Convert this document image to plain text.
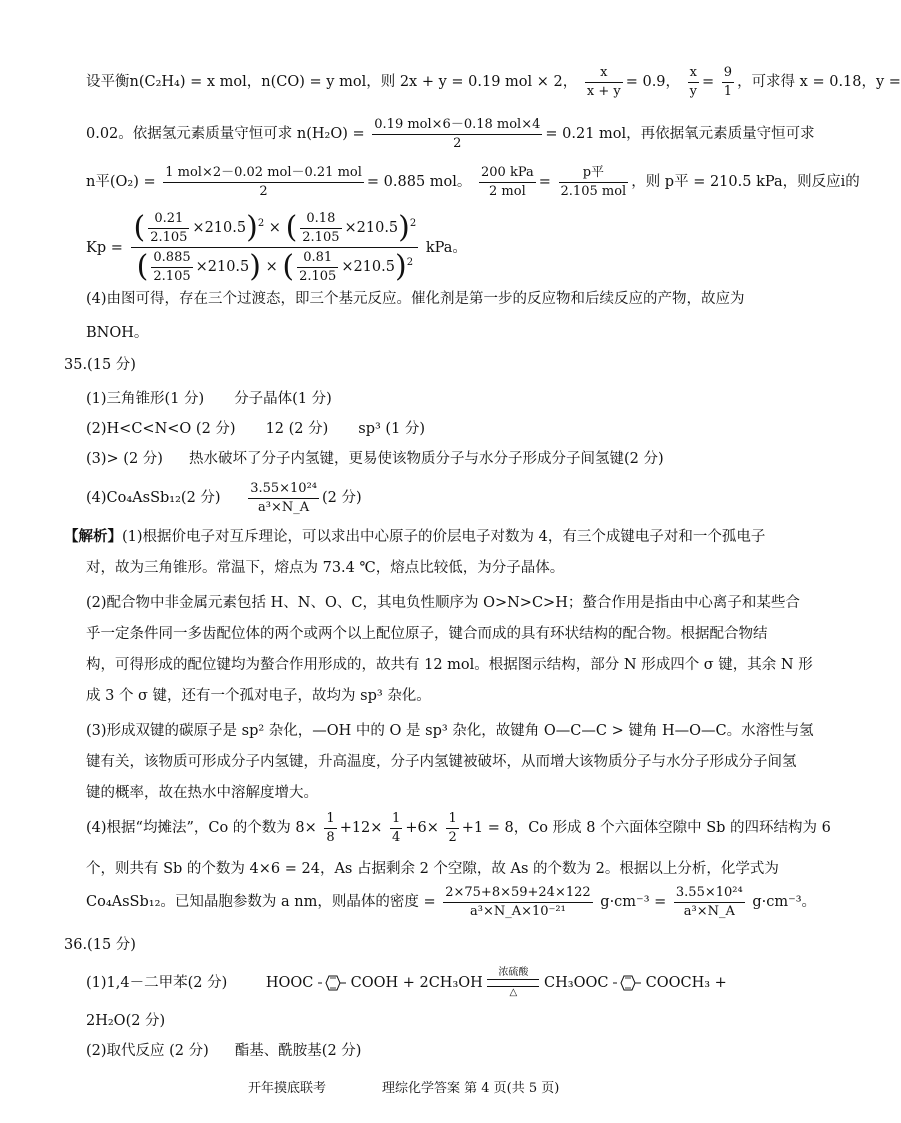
设平衡n(C₂H₄) = x mol，n(CO) = y mol，则 2x + y = 0.19 mol × 2， $\frac{x}{x + y} = 0.9$， $\frac{x}{y} = \frac{9}{1}$ ，可求得 x = 0.18，y =
0.02。依据氢元素质量守恒可求 $n(H_2O) = \frac{\text{0.19 mol×6－0.18 mol×4}}{2} = 0.21$ mol，再依据氧元素质量守恒可求
n平$(O_2) = \frac{\text{1 mol×2－0.02 mol－0.21 mol}}{2} = 0.885$ mol。 $\frac{\text{200 kPa}}{\text{2 mol}} = \frac{\text{p平}}{\text{2.105 mol}}$ ，则 p平 = 210.5 kPa，则反应ⅰ的
$Kp = \frac{( \frac{0.21}{2.105} \times 210.5)^2 \times ( \frac{0.18}{2.105} \times 210.5)^2}{( \frac{0.885}{2.105} \times 210.5) \times ( \frac{0.81}{2.105} \times 210.5)^2}$ kPa。
(4)由图可得，存在三个过渡态，即三个基元反应。催化剂是第一步的反应物和后续反应的产物，故应为
BNOH。
35.(15 分)
(1)三角锥形(1 分) 分子晶体(1 分)
(2)H<C<N<O (2 分) 12 (2 分) sp³ (1 分)
(3)> (2 分) 热水破坏了分子内氢键，更易使该物质分子与水分子形成分子间氢键(2 分)
(4)Co₄AsSb₁₂(2 分) $\frac{\text{3.55×10²⁴}}{\text{a³×N\_A}} (2$ 分)
【解析】(1)根据价电子对互斥理论，可以求出中心原子的价层电子对数为 4，有三个成键电子对和一个孤电子
对，故为三角锥形。常温下，熔点为 73.4 ℃，熔点比较低，为分子晶体。
(2)配合物中非金属元素包括 H、N、O、C，其电负性顺序为 O>N>C>H；螯合作用是指由中心离子和某些合
乎一定条件同一多齿配位体的两个或两个以上配位原子，键合而成的具有环状结构的配合物。根据配合物结
构，可得形成的配位键均为螯合作用形成的，故共有 12 mol。根据图示结构，部分 N 形成四个 σ 键，其余 N 形
成 3 个 σ 键，还有一个孤对电子，故均为 sp³ 杂化。
(3)形成双键的碳原子是 sp² 杂化，—OH 中的 O 是 sp³ 杂化，故键角 O—C—C > 键角 H—O—C。水溶性与氢
键有关，该物质可形成分子内氢键，升高温度，分子内氢键被破坏，从而增大该物质分子与水分子形成分子间氢
键的概率，故在热水中溶解度增大。
(4)根据“均摊法”，Co 的个数为 $8\times \frac{1}{8} +12\times \frac{1}{4} +6\times \frac{1}{2} +1 = 8$，Co 形成 8 个六面体空隙中 Sb 的四环结构为 6
个，则共有 Sb 的个数为 4×6 = 24，As 占据剩余 2 个空隙，故 As 的个数为 2。根据以上分析，化学式为
Co₄AsSb₁₂。已知晶胞参数为 a nm，则晶体的密度 = $\frac{2\times 75+8\times 59+24\times 122}{\text{a³×N\_A×10⁻²¹}} g\cdot cm^{-3} = \frac{\text{3.55×10²⁴}}{\text{a³×N\_A}} g\cdot cm^{-3}$。
36.(15 分)
(1)1,4－二甲苯(2 分)	HOOC	COOH + 2CH₃OH
浓硫酸
△
CH₃OOC	COOCH₃ +
2H₂O(2 分)
(2)取代反应 (2 分) 酯基、酰胺基(2 分)
开年摸底联考	理综化学答案 第 4 页(共 5 页)
